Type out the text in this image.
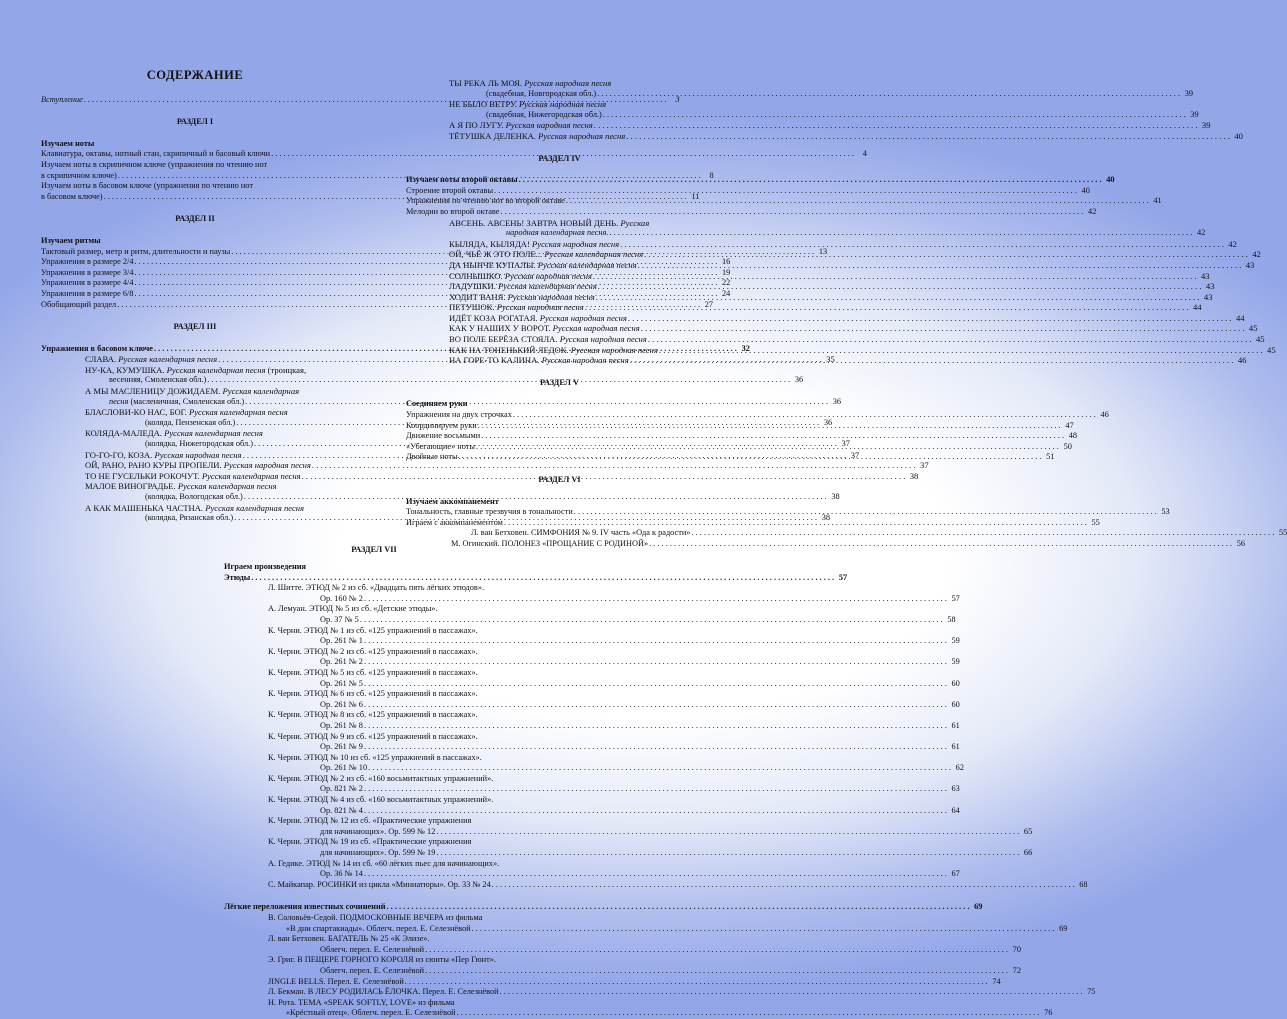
СОДЕРЖАНИЕ
Вступление . . .	3
РАЗДЕЛ I
Изучаем ноты
Клавиатура, октавы, нотный стан, скрипичный и басовый ключи . . .	4
Изучаем ноты в скрипичном ключе (упражнения по чтению нот
в скрипичном ключе) . . .	8
Изучаем ноты в басовом ключе (упражнения по чтению нот
в басовом ключе) . . .	11
РАЗДЕЛ II
Изучаем ритмы
Тактовый размер, метр и ритм, длительности и паузы . . .	13
Упражнения в размере 2/4 . . .	16
Упражнения в размере 3/4 . . .	19
Упражнения в размере 4/4 . . .	22
Упражнения в размере 6/8 . . .	24
Обобщающий раздел . . .	27
РАЗДЕЛ III
Упражнения в басовом ключе . . .	32
СЛАВА. Русская календарная песня . . .	35
НУ-КА, КУМУШКА. Русская календарная песня (троицкая,
весенняя, Смоленская обл.) . . .	36
А МЫ МАСЛЕНИЦУ ДОЖИДАЕМ. Русская календарная
песня (масленичная, Смоленская обл.) . . .	36
БЛАСЛОВИ-КО НАС, БОГ. Русская календарная песня
(коляда, Пензенская обл.) . . .	36
КОЛЯДА-МАЛЕДА. Русская календарная песня
(колядка, Нижегородская обл.) . . .	37
ГО-ГО-ГО, КОЗА. Русская народная песня . . .	37
ОЙ, РАНО, РАНО КУРЫ ПРОПЕЛИ. Русская народная песня . . .	37
ТО НЕ ГУСЕЛЬКИ РОКОЧУТ. Русская календарная песня . . .	38
МАЛОЕ ВИНОГРАДЬЕ. Русская календарная песня
(колядка, Вологодская обл.) . . .	38
А КАК МАШЕНЬКА ЧАСТНА. Русская календарная песня
(колядка, Рязанская обл.) . . .	38
ТЫ РЕКА ЛЬ МОЯ. Русская народная песня
(свадебная, Новгородская обл.) . . .	39
НЕ БЫЛО ВЕТРУ. Русская народная песня
(свадебная, Нижегородская обл.) . . .	39
А Я ПО ЛУГУ. Русская народная песня . . .	39
ТЁТУШКА ДЕЛЕНКА. Русская народная песня . . .	40
РАЗДЕЛ IV
Изучаем ноты второй октавы . . .	40
Строение второй октавы . . .	40
Упражнения по чтению нот во второй октаве . . .	41
Мелодии во второй октаве . . .	42
АВСЕНЬ. АВСЕНЬ! ЗАВТРА НОВЫЙ ДЕНЬ. Русская
народная календарная песня. . . .	42
КЫЛЯДА, КЫЛЯДА! Русская народная песня . . .	42
ОЙ, ЧЬЁ Ж ЭТО ПОЛЕ... Русская календарная песня . . .	42
ДА НЫНЧЕ КУПАЛЫ. Русская календарная песня . . .	43
СОЛНЫШКО. Русская народная песня . . .	43
ЛАДУШКИ. Русская календарная песня . . .	43
ХОДИТ ВАНЯ. Русская народная песня . . .	43
ПЕТУШОК. Русская народная песня . . .	44
ИДЁТ КОЗА РОГАТАЯ. Русская народная песня . . .	44
КАК У НАШИХ У ВОРОТ. Русская народная песня . . .	45
ВО ПОЛЕ БЕРЁЗА СТОЯЛА. Русская народная песня . . .	45
КАК НА ТОНЕНЬКИЙ ЛЕДОК. Русская народная песня . . .	45
НА ГОРЕ-ТО КАЛИНА. Русская народная песня . . .	46
РАЗДЕЛ V
Соединяем руки
Упражнения на двух строчках . . .	46
Координируем руки . . .	47
Движение восьмыми . . .	48
«Убегающие» ноты . . .	50
Двойные ноты . . .	51
РАЗДЕЛ VI
Изучаем аккомпанемент
Тональность, главные трезвучия в тональности . . .	53
Играем с аккомпанементом . . .	55
Л. ван Бетховен. СИМФОНИЯ № 9. IV часть «Ода к радости» . . .	55
М. Огинский. ПОЛОНЕЗ «ПРОЩАНИЕ С РОДИНОЙ» . . .	56
РАЗДЕЛ VII
Играем произведения
Этюды . . .	57
Л. Шитте. ЭТЮД № 2 из сб. «Двадцать пять лёгких этюдов».
Ор. 160 № 2 . . .	57
А. Лемуан. ЭТЮД № 5 из сб. «Детские этюды».
Ор. 37 № 5 . . .	58
К. Черни. ЭТЮД № 1 из сб. «125 упражнений в пассажах».
Ор. 261 № 1 . . .	59
К. Черни. ЭТЮД № 2 из сб. «125 упражнений в пассажах».
Ор. 261 № 2 . . .	59
К. Черни. ЭТЮД № 5 из сб. «125 упражнений в пассажах».
Ор. 261 № 5 . . .	60
К. Черни. ЭТЮД № 6 из сб. «125 упражнений в пассажах».
Ор. 261 № 6 . . .	60
К. Черни. ЭТЮД № 8 из сб. «125 упражнений в пассажах».
Ор. 261 № 8 . . .	61
К. Черни. ЭТЮД № 9 из сб. «125 упражнений в пассажах».
Ор. 261 № 9 . . .	61
К. Черни. ЭТЮД № 10 из сб. «125 упражнений в пассажах».
Ор. 261 № 10 . . .	62
К. Черни. ЭТЮД № 2 из сб. «160 восьмитактных упражнений».
Ор. 821 № 2 . . .	63
К. Черни. ЭТЮД № 4 из сб. «160 восьмитактных упражнений».
Ор. 821 № 4 . . .	64
К. Черни. ЭТЮД № 12 из сб. «Практические упражнения
для начинающих». Ор. 599 № 12 . . .	65
К. Черни. ЭТЮД № 19 из сб. «Практические упражнения
для начинающих». Ор. 599 № 19 . . .	66
А. Гедике. ЭТЮД № 14 из сб. «60 лёгких пьес для начинающих».
Ор. 36 № 14 . . .	67
С. Майкапар. РОСИНКИ из цикла «Миниатюры». Ор. 33 № 24 . . .	68
Лёгкие переложения известных сочинений . . .	69
В. Соловьёв-Седой. ПОДМОСКОВНЫЕ ВЕЧЕРА из фильма
«В дни спартакиады». Облегч. перел. Е. Селезнёвой . . .	69
Л. ван Бетховен. БАГАТЕЛЬ № 25 «К Элизе».
Облегч. перел. Е. Селезнёвой . . .	70
Э. Григ. В ПЕЩЕРЕ ГОРНОГО КОРОЛЯ из сюиты «Пер Гюнт».
Облегч. перел. Е. Селезнёвой . . .	72
JINGLE BELLS. Перел. Е. Селезнёвой . . .	74
Л. Бекман. В ЛЕСУ РОДИЛАСЬ ЁЛОЧКА. Перел. Е. Селезнёвой . . .	75
Н. Рота. ТЕМА «SPEAK SOFTLY, LOVE» из фильма
«Крёстный отец». Облегч. перел. Е. Селезнёвой . . .	76
